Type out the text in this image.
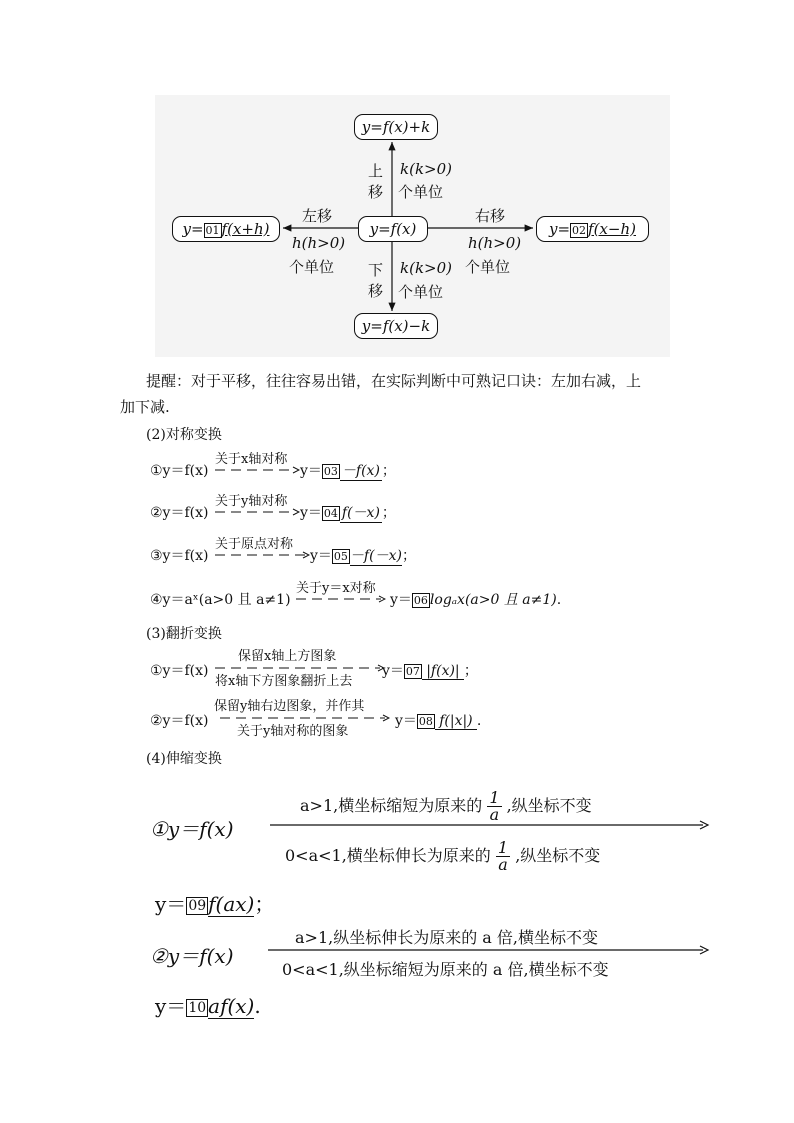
y=f(x)
y=f(x)+k
y=f(x)−k
y= 01 f(x+h)	y= 02 f(x−h)
上
移
k(k>0)
个单位
下
移
k(k>0)
个单位
左移
h(h>0)
个单位
右移
h(h>0)
个单位
提醒：对于平移，往往容易出错，在实际判断中可熟记口诀：左加右减，上
加下减.
(2)对称变换
①y＝f(x)
关于x轴对称
y＝ 03 －f(x) ；
②y＝f(x)
关于y轴对称
y＝ 04 f(－x) ；
③y＝f(x)
关于原点对称
y＝ 05 －f(－x)；
④y＝aˣ(a>0 且 a≠1)
关于y＝x对称
y＝ 06 logₐx(a>0 且 a≠1).
(3)翻折变换
①y＝f(x)
保留x轴上方图象
将x轴下方图象翻折上去
y＝ 07 |f(x)| ；
②y＝f(x)
保留y轴右边图象，并作其
关于y轴对称的图象
y＝ 08 f(|x|) .
(4)伸缩变换
①y＝f(x)
a>1,横坐标缩短为原来的 $\frac{1}{a}$ ,纵坐标不变
0<a<1,横坐标伸长为原来的 $\frac{1}{a}$ ,纵坐标不变
y＝ 09 f(ax)；
②y＝f(x)
a>1,纵坐标伸长为原来的 a 倍,横坐标不变
0<a<1,纵坐标缩短为原来的 a 倍,横坐标不变
y＝ 10 af(x).
